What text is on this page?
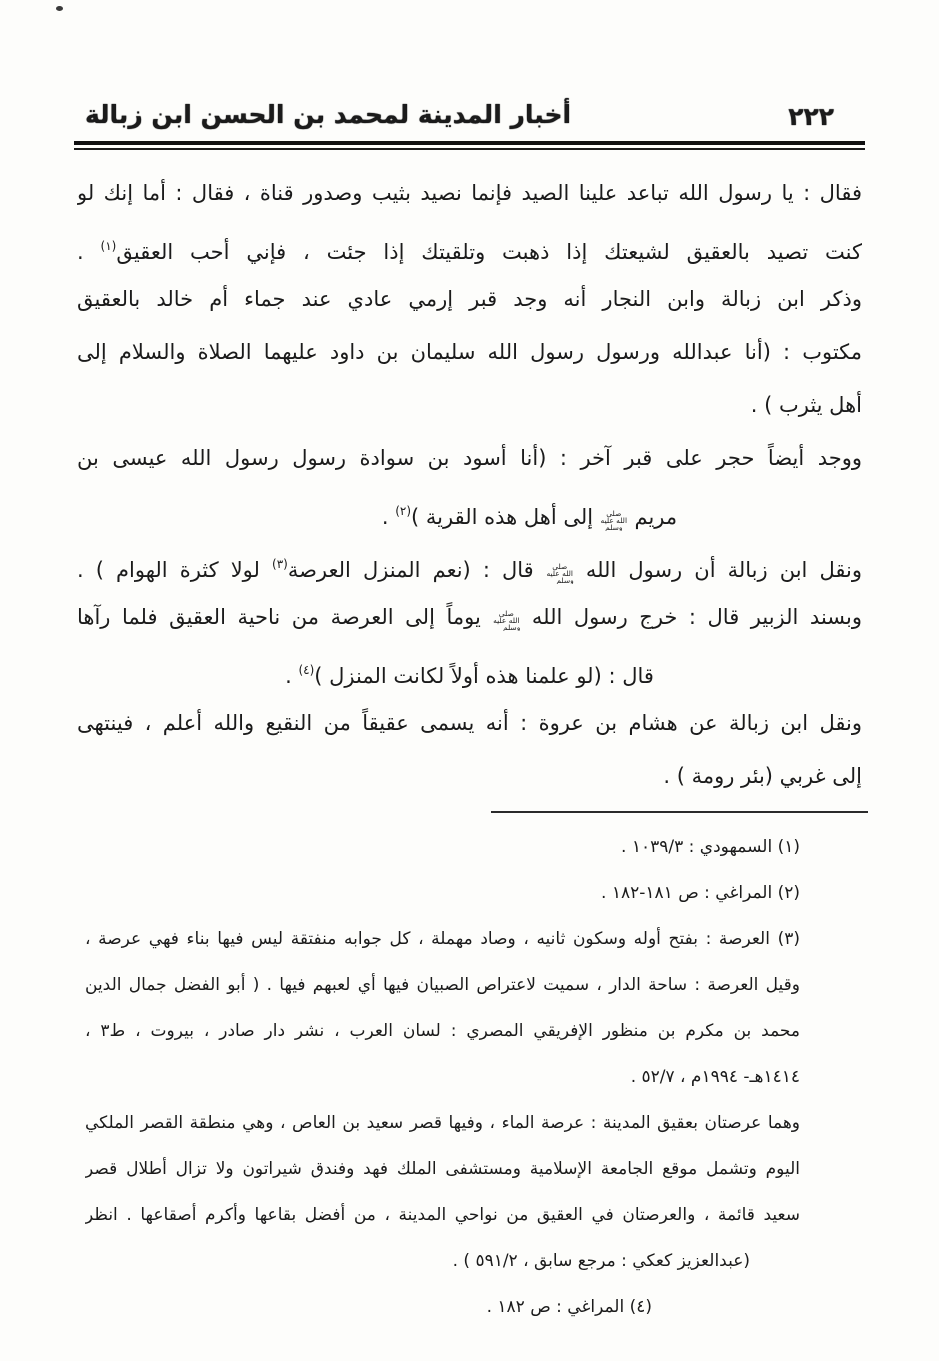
أخبار المدينة لمحمد بن الحسن ابن زبالة	٢٢٢
فقال : يا رسول الله تباعد علينا الصيد فإنما نصيد بثيب وصدور قناة ، فقال : أما إنك لو
كنت تصيد بالعقيق لشيعتك إذا ذهبت وتلقيتك إذا جئت ، فإني أحب العقيق$^{(١)}$ .
وذكر ابن زبالة وابن النجار أنه وجد قبر إرمي عادي عند جماء أم خالد بالعقيق
مكتوب : (أنا عبدالله ورسول رسول الله سليمان بن داود عليهما الصلاة والسلام إلى
أهل يثرب ) .
ووجد أيضاً حجر على قبر آخر : (أنا أسود بن سوادة رسول رسول الله عيسى بن
مريم صلى الله عليه وسلم إلى أهل هذه القرية )$^{(٢)}$ .
ونقل ابن زبالة أن رسول الله صلى الله عليه وسلم قال : (نعم المنزل العرصة$^{(٣)}$ لولا كثرة الهوام ) .
وبسند الزبير قال : خرج رسول الله صلى الله عليه وسلم يوماً إلى العرصة من ناحية العقيق فلما رآها
قال : (لو علمنا هذه أولاً لكانت المنزل )$^{(٤)}$ .
ونقل ابن زبالة عن هشام بن عروة : أنه يسمى عقيقاً من النقيع والله أعلم ، فينتهى
إلى غربي (بئر رومة ) .
(١) السمهودي : ١٠٣٩/٣ .
(٢) المراغي : ص ١٨١-١٨٢ .
(٣) العرصة : بفتح أوله وسكون ثانيه ، وصاد مهملة ، كل جوابه منفتقة ليس فيها بناء فهي عرصة ،
وقيل العرصة : ساحة الدار ، سميت لاعتراص الصبيان فيها أي لعبهم فيها . ( أبو الفضل جمال الدين
محمد بن مكرم بن منظور الإفريقي المصري : لسان العرب ، نشر دار صادر ، بيروت ، ط٣ ،
١٤١٤هـ- ١٩٩٤م ، ٥٢/٧ .
وهما عرصتان بعقيق المدينة : عرصة الماء ، وفيها قصر سعيد بن العاص ، وهي منطقة القصر الملكي
اليوم وتشمل موقع الجامعة الإسلامية ومستشفى الملك فهد وفندق شيراتون ولا تزال أطلال قصر
سعيد قائمة ، والعرصتان في العقيق من نواحي المدينة ، من أفضل بقاعها وأكرم أصقاعها . انظر
(عبدالعزيز كعكي : مرجع سابق ، ٥٩١/٢ ) .
(٤) المراغي : ص ١٨٢ .
